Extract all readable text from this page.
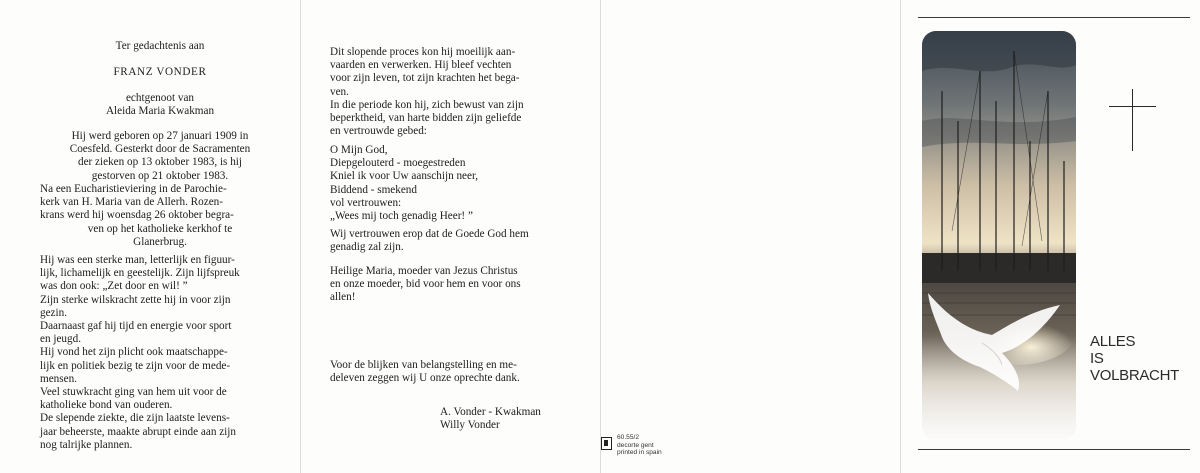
Ter gedachtenis aan

FRANZ VONDER

echtgenoot van

Aleida Maria Kwakman

Hij werd geboren op 27 januari 1909 in

Coesfeld. Gesterkt door de Sacramenten

der zieken op 13 oktober 1983, is hij

gestorven op 21 oktober 1983.

Na een Eucharistieviering in de Parochie-

kerk van H. Maria van de Allerh. Rozen-

krans werd hij woensdag 26 oktober begra-

ven op het katholieke kerkhof te

Glanerbrug.

Hij was een sterke man, letterlijk en figuur-

lijk, lichamelijk en geestelijk. Zijn lijfspreuk

was don ook: „Zet door en wil! ”

Zijn sterke wilskracht zette hij in voor zijn

gezin.

Daarnaast gaf hij tijd en energie voor sport

en jeugd.

Hij vond het zijn plicht ook maatschappe-

lijk en politiek bezig te zijn voor de mede-

mensen.

Veel stuwkracht ging van hem uit voor de

katholieke bond van ouderen.

De slepende ziekte, die zijn laatste levens-

jaar beheerste, maakte abrupt einde aan zijn

nog talrijke plannen.

Dit slopende proces kon hij moeilijk aan-

vaarden en verwerken. Hij bleef vechten

voor zijn leven, tot zijn krachten het bega-

ven.

In die periode kon hij, zich bewust van zijn

beperktheid, van harte bidden zijn geliefde

en vertrouwde gebed:

O Mijn God,

Diepgelouterd - moegestreden

Kniel ik voor Uw aanschijn neer,

Biddend - smekend

vol vertrouwen:

„Wees mij toch genadig Heer! ”

Wij vertrouwen erop dat de Goede God hem

genadig zal zijn.

Heilige Maria, moeder van Jezus Christus

en onze moeder, bid voor hem en voor ons

allen!

Voor de blijken van belangstelling en me-

deleven zeggen wij U onze oprechte dank.

A. Vonder - Kwakman

Willy Vonder

60.55/2
decorte gent
printed in spain

ALLES
IS
VOLBRACHT
